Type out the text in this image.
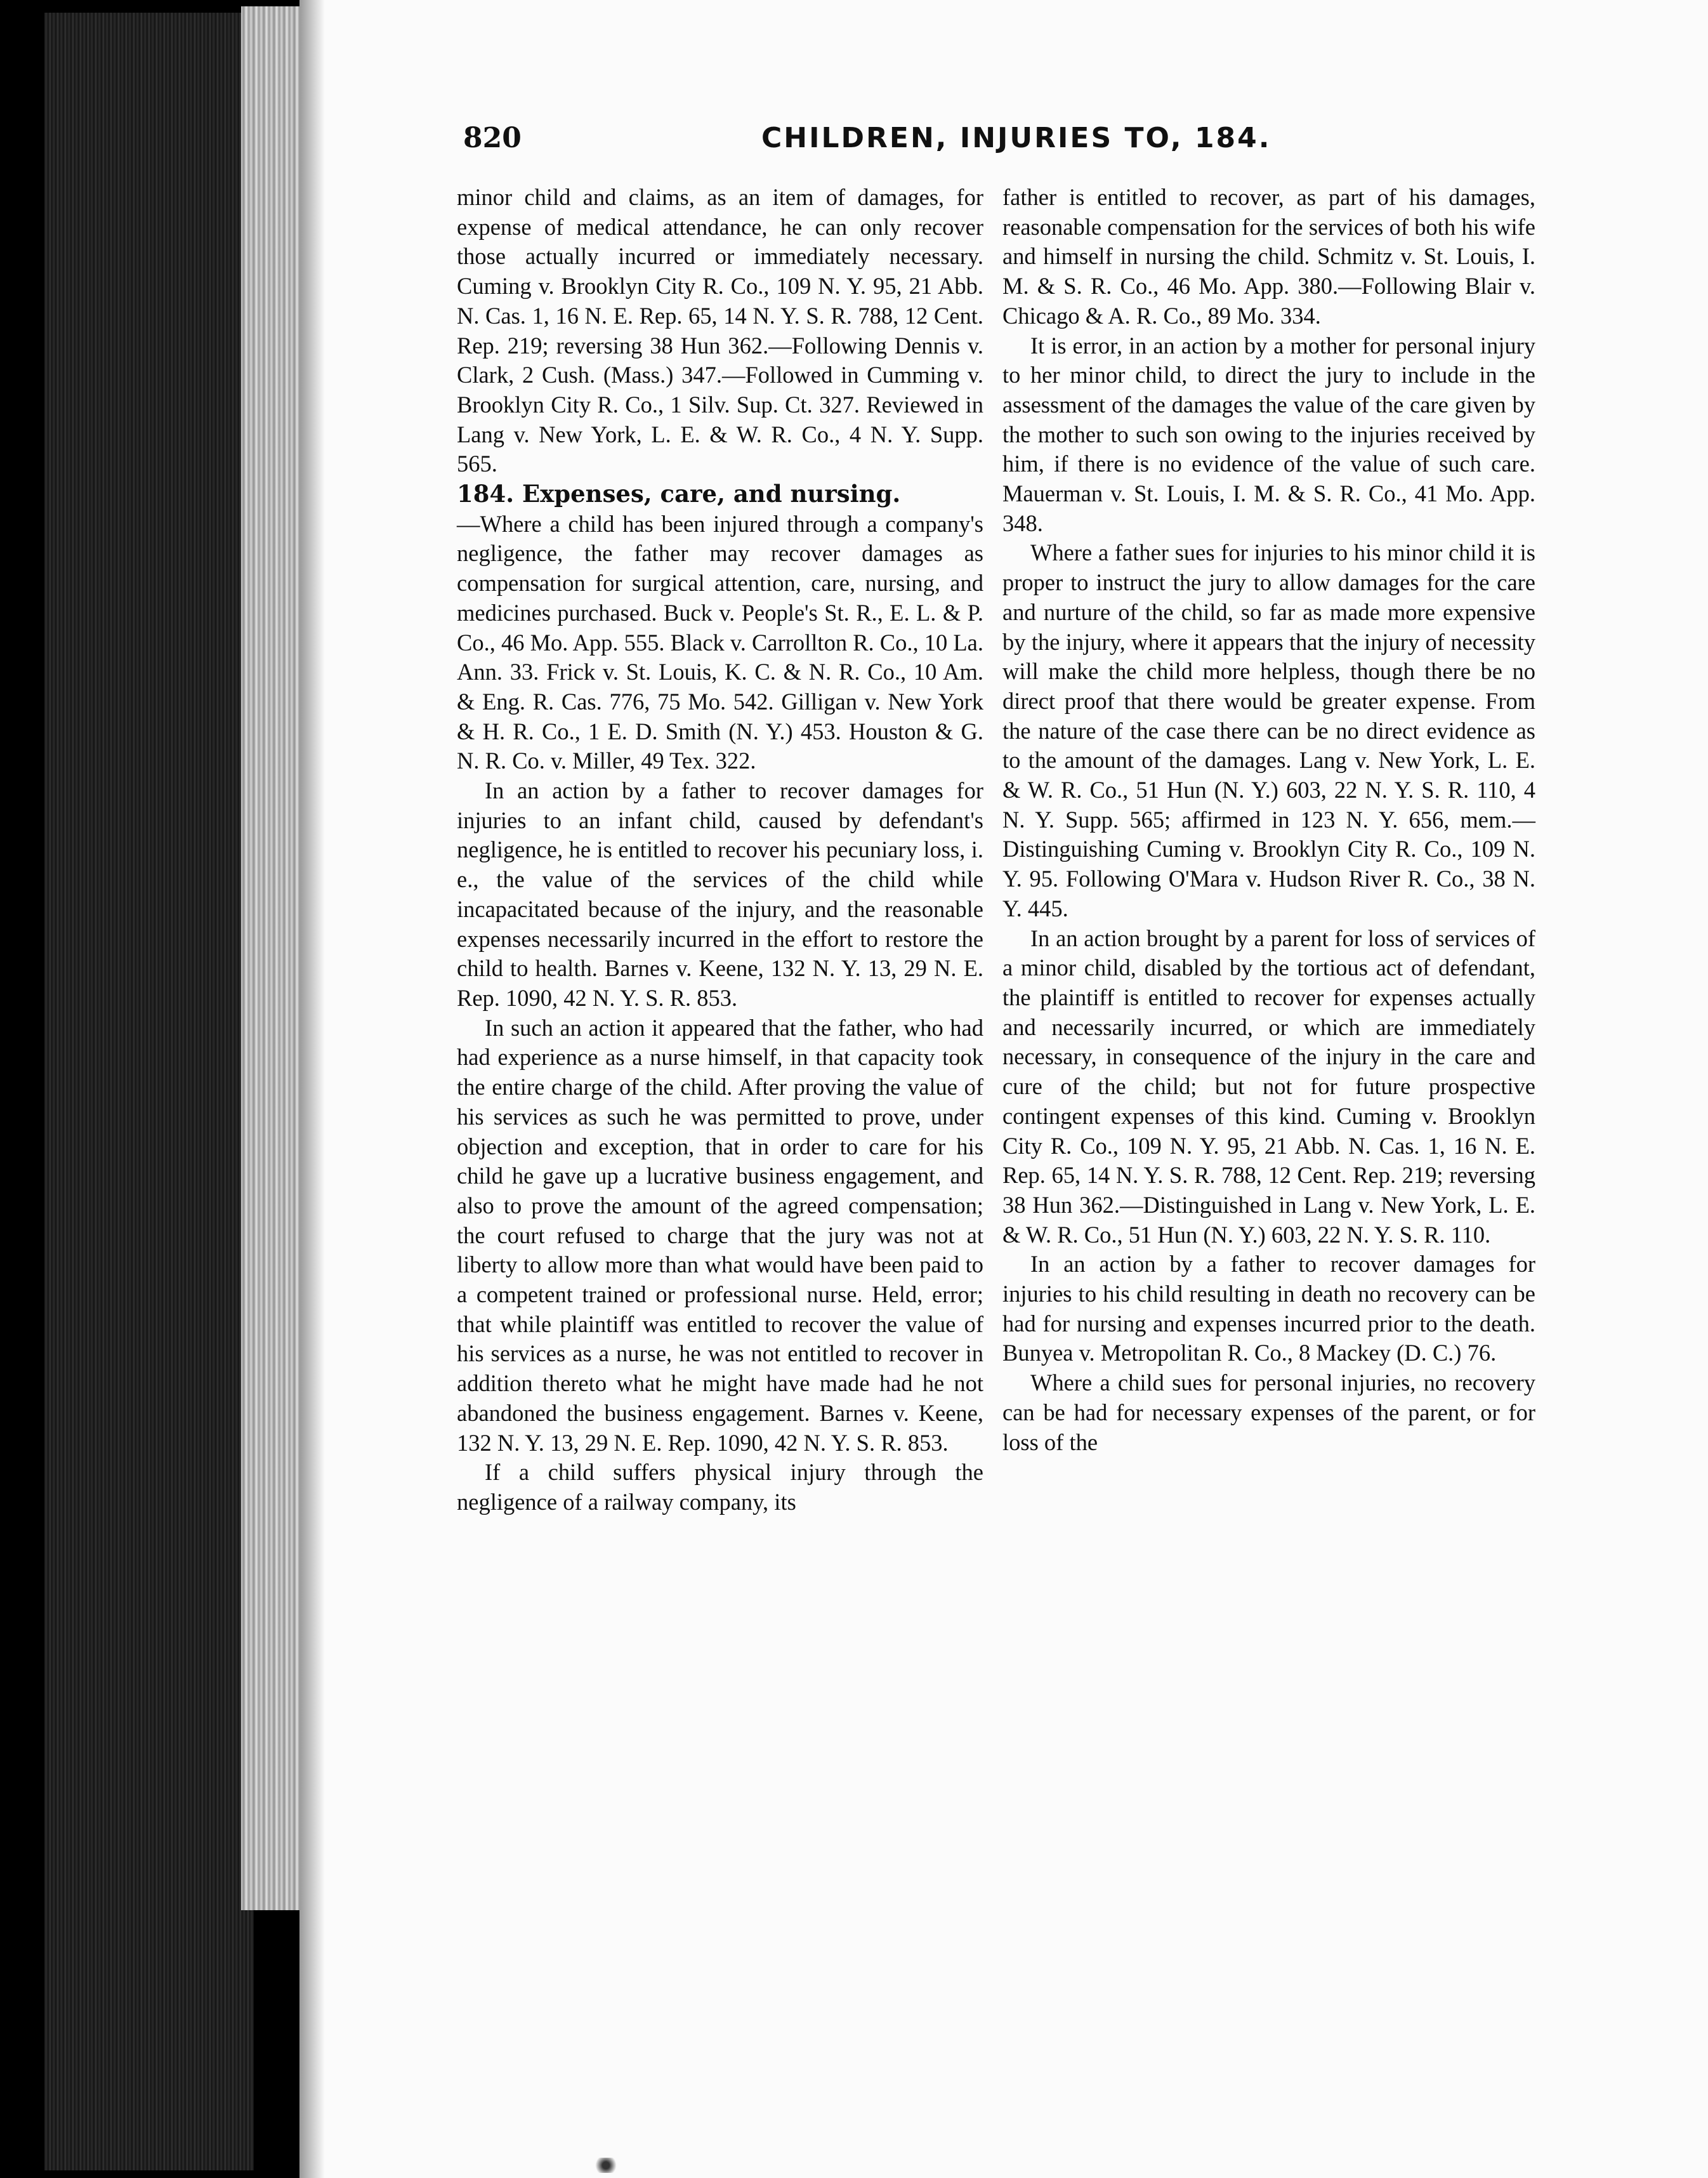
820	CHILDREN, INJURIES TO, 184.

minor child and claims, as an item of damages, for expense of medical attendance, he can only recover those actually incurred or immediately necessary. Cuming v. Brooklyn City R. Co., 109 N. Y. 95, 21 Abb. N. Cas. 1, 16 N. E. Rep. 65, 14 N. Y. S. R. 788, 12 Cent. Rep. 219; reversing 38 Hun 362.—Following Dennis v. Clark, 2 Cush. (Mass.) 347.—Followed in Cumming v. Brooklyn City R. Co., 1 Silv. Sup. Ct. 327. Reviewed in Lang v. New York, L. E. & W. R. Co., 4 N. Y. Supp. 565.

184. Expenses, care, and nursing.
—Where a child has been injured through a company's negligence, the father may recover damages as compensation for surgical attention, care, nursing, and medicines purchased. Buck v. People's St. R., E. L. & P. Co., 46 Mo. App. 555. Black v. Carrollton R. Co., 10 La. Ann. 33. Frick v. St. Louis, K. C. & N. R. Co., 10 Am. & Eng. R. Cas. 776, 75 Mo. 542. Gilligan v. New York & H. R. Co., 1 E. D. Smith (N. Y.) 453. Houston & G. N. R. Co. v. Miller, 49 Tex. 322.

In an action by a father to recover damages for injuries to an infant child, caused by defendant's negligence, he is entitled to recover his pecuniary loss, i. e., the value of the services of the child while incapacitated because of the injury, and the reasonable expenses necessarily incurred in the effort to restore the child to health. Barnes v. Keene, 132 N. Y. 13, 29 N. E. Rep. 1090, 42 N. Y. S. R. 853.

In such an action it appeared that the father, who had had experience as a nurse himself, in that capacity took the entire charge of the child. After proving the value of his services as such he was permitted to prove, under objection and exception, that in order to care for his child he gave up a lucrative business engagement, and also to prove the amount of the agreed compensation; the court refused to charge that the jury was not at liberty to allow more than what would have been paid to a competent trained or professional nurse. Held, error; that while plaintiff was entitled to recover the value of his services as a nurse, he was not entitled to recover in addition thereto what he might have made had he not abandoned the business engagement. Barnes v. Keene, 132 N. Y. 13, 29 N. E. Rep. 1090, 42 N. Y. S. R. 853.

If a child suffers physical injury through the negligence of a railway company, its

father is entitled to recover, as part of his damages, reasonable compensation for the services of both his wife and himself in nursing the child. Schmitz v. St. Louis, I. M. & S. R. Co., 46 Mo. App. 380.—Following Blair v. Chicago & A. R. Co., 89 Mo. 334.

It is error, in an action by a mother for personal injury to her minor child, to direct the jury to include in the assessment of the damages the value of the care given by the mother to such son owing to the injuries received by him, if there is no evidence of the value of such care. Mauerman v. St. Louis, I. M. & S. R. Co., 41 Mo. App. 348.

Where a father sues for injuries to his minor child it is proper to instruct the jury to allow damages for the care and nurture of the child, so far as made more expensive by the injury, where it appears that the injury of necessity will make the child more helpless, though there be no direct proof that there would be greater expense. From the nature of the case there can be no direct evidence as to the amount of the damages. Lang v. New York, L. E. & W. R. Co., 51 Hun (N. Y.) 603, 22 N. Y. S. R. 110, 4 N. Y. Supp. 565; affirmed in 123 N. Y. 656, mem.—Distinguishing Cuming v. Brooklyn City R. Co., 109 N. Y. 95. Following O'Mara v. Hudson River R. Co., 38 N. Y. 445.

In an action brought by a parent for loss of services of a minor child, disabled by the tortious act of defendant, the plaintiff is entitled to recover for expenses actually and necessarily incurred, or which are immediately necessary, in consequence of the injury in the care and cure of the child; but not for future prospective contingent expenses of this kind. Cuming v. Brooklyn City R. Co., 109 N. Y. 95, 21 Abb. N. Cas. 1, 16 N. E. Rep. 65, 14 N. Y. S. R. 788, 12 Cent. Rep. 219; reversing 38 Hun 362.—Distinguished in Lang v. New York, L. E. & W. R. Co., 51 Hun (N. Y.) 603, 22 N. Y. S. R. 110.

In an action by a father to recover damages for injuries to his child resulting in death no recovery can be had for nursing and expenses incurred prior to the death. Bunyea v. Metropolitan R. Co., 8 Mackey (D. C.) 76.

Where a child sues for personal injuries, no recovery can be had for necessary expenses of the parent, or for loss of the
